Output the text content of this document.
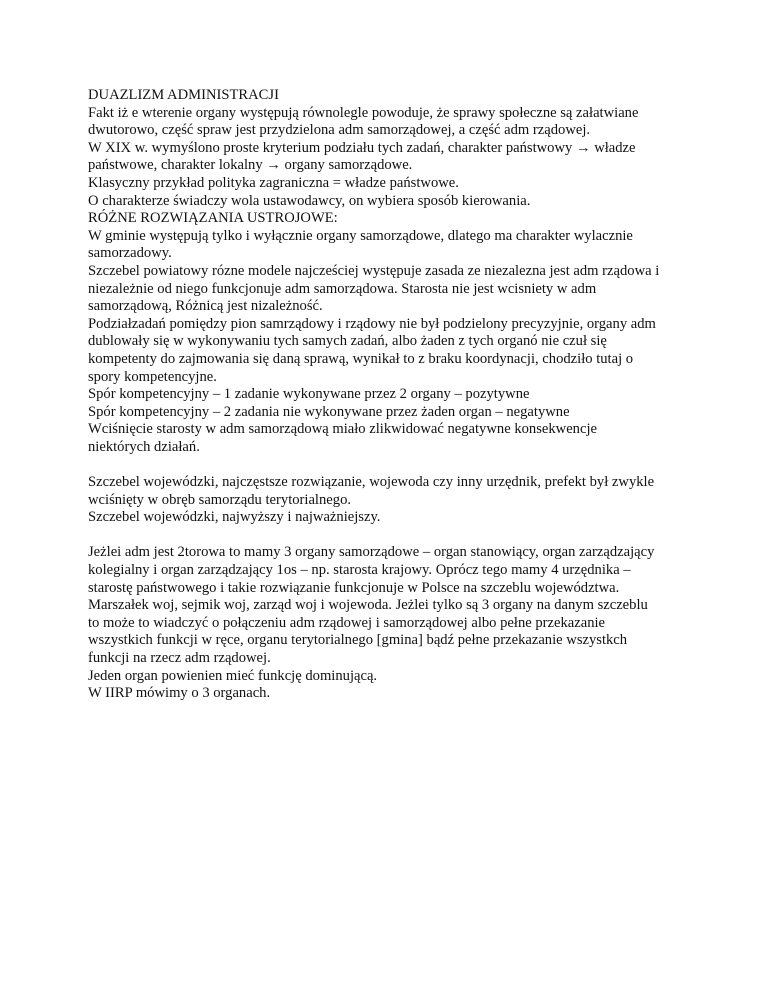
DUAZLIZM ADMINISTRACJI
Fakt iż e wterenie organy występują równolegle powoduje, że sprawy społeczne są załatwiane
dwutorowo, część spraw jest przydzielona adm samorządowej, a część adm rządowej.
W XIX w. wymyślono proste kryterium podziału tych zadań, charakter państwowy → władze
państwowe, charakter lokalny → organy samorządowe.
Klasyczny przykład polityka zagraniczna = władze państwowe.
O charakterze świadczy wola ustawodawcy, on wybiera sposób kierowania.
RÓŻNE ROZWIĄZANIA USTROJOWE:
W gminie występują tylko i wyłącznie organy samorządowe, dlatego ma charakter wylacznie
samorzadowy.
Szczebel powiatowy rózne modele najcześciej występuje zasada ze niezalezna jest adm rządowa i
niezależnie od niego funkcjonuje adm samorządowa. Starosta nie jest wcisniety w adm
samorządową, Różnicą jest nizależność.
Podziałzadań pomiędzy pion samrządowy i rządowy nie był podzielony precyzyjnie, organy adm
dublowały się w wykonywaniu tych samych zadań, albo żaden z tych organó nie czuł się
kompetenty do zajmowania się daną sprawą, wynikał to z braku koordynacji, chodziło tutaj o
spory kompetencyjne.
Spór kompetencyjny – 1 zadanie wykonywane przez 2 organy – pozytywne
Spór kompetencyjny – 2 zadania nie wykonywane przez żaden organ – negatywne
Wciśnięcie starosty w adm samorządową miało zlikwidować negatywne konsekwencje
niektórych działań.
Szczebel wojewódzki, najczęstsze rozwiązanie, wojewoda czy inny urzędnik, prefekt był zwykle
wciśnięty w obręb samorządu terytorialnego.
Szczebel wojewódzki, najwyższy i najważniejszy.
Jeżlei adm jest 2torowa to mamy 3 organy samorządowe – organ stanowiący, organ zarządzający
kolegialny i organ zarządzający 1os – np. starosta krajowy. Oprócz tego mamy 4 urzędnika –
starostę państwowego i takie rozwiązanie funkcjonuje w Polsce na szczeblu województwa.
Marszałek woj, sejmik woj, zarząd woj i wojewoda. Jeżlei tylko są 3 organy na danym szczeblu
to może to wiadczyć o połączeniu adm rządowej i samorządowej albo pełne przekazanie
wszystkich funkcji w ręce, organu terytorialnego [gmina] bądź pełne przekazanie wszystkch
funkcji na rzecz adm rządowej.
Jeden organ powienien mieć funkcję dominującą.
W IIRP mówimy o 3 organach.
